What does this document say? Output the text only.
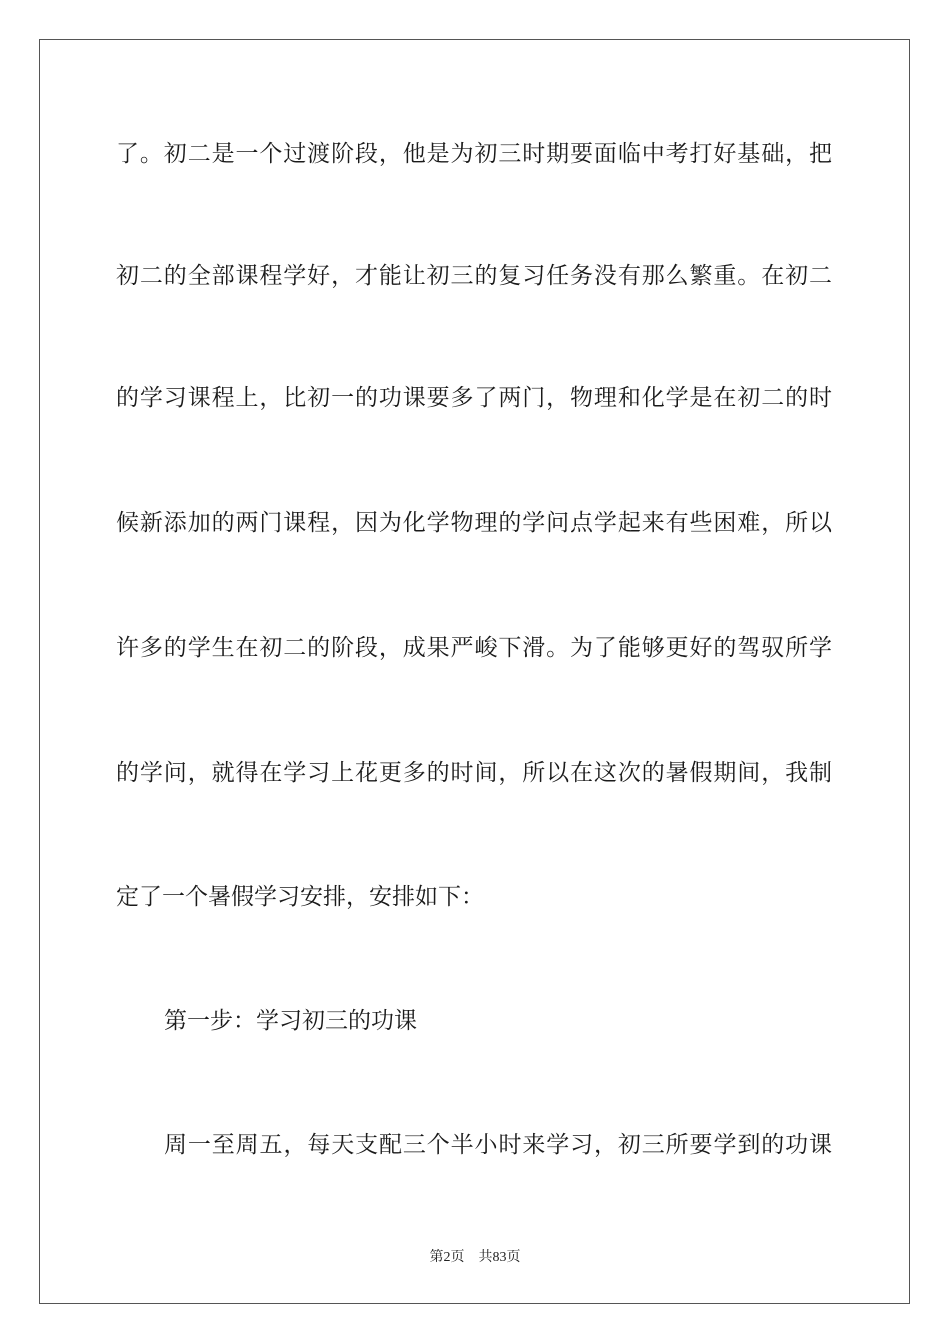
了。初二是一个过渡阶段，他是为初三时期要面临中考打好基础，把
初二的全部课程学好，才能让初三的复习任务没有那么繁重。在初二
的学习课程上，比初一的功课要多了两门，物理和化学是在初二的时
候新添加的两门课程，因为化学物理的学问点学起来有些困难，所以
许多的学生在初二的阶段，成果严峻下滑。为了能够更好的驾驭所学
的学问，就得在学习上花更多的时间，所以在这次的暑假期间，我制
定了一个暑假学习安排，安排如下：
第一步：学习初三的功课
周一至周五，每天支配三个半小时来学习，初三所要学到的功课
第2页 共83页
